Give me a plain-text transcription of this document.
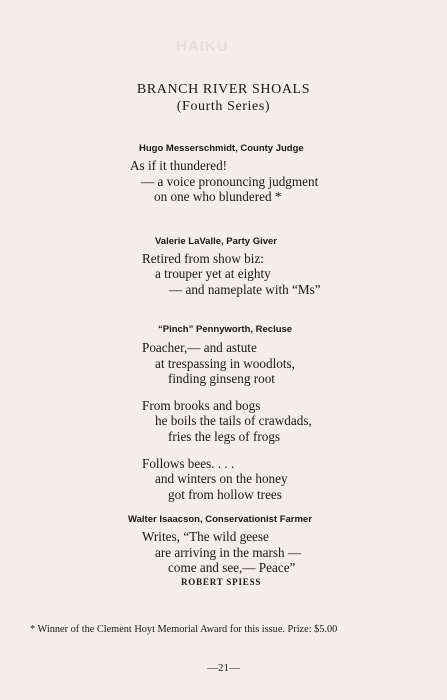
HAIKU
BRANCH RIVER SHOALS
(Fourth Series)
Hugo Messerschmidt, County Judge
As if it thundered!
— a voice pronouncing judgment
on one who blundered *
Valerie LaValle, Party Giver
Retired from show biz:
a trouper yet at eighty
— and nameplate with “Ms”
“Pinch” Pennyworth, Recluse
Poacher,— and astute
at trespassing in woodlots,
finding ginseng root
From brooks and bogs
he boils the tails of crawdads,
fries the legs of frogs
Follows bees. . . .
and winters on the honey
got from hollow trees
Walter Isaacson, Conservationist Farmer
Writes, “The wild geese
are arriving in the marsh —
come and see,— Peace”
ROBERT SPIESS
* Winner of the Clement Hoyt Memorial Award for this issue. Prize: $5.00
—21—
